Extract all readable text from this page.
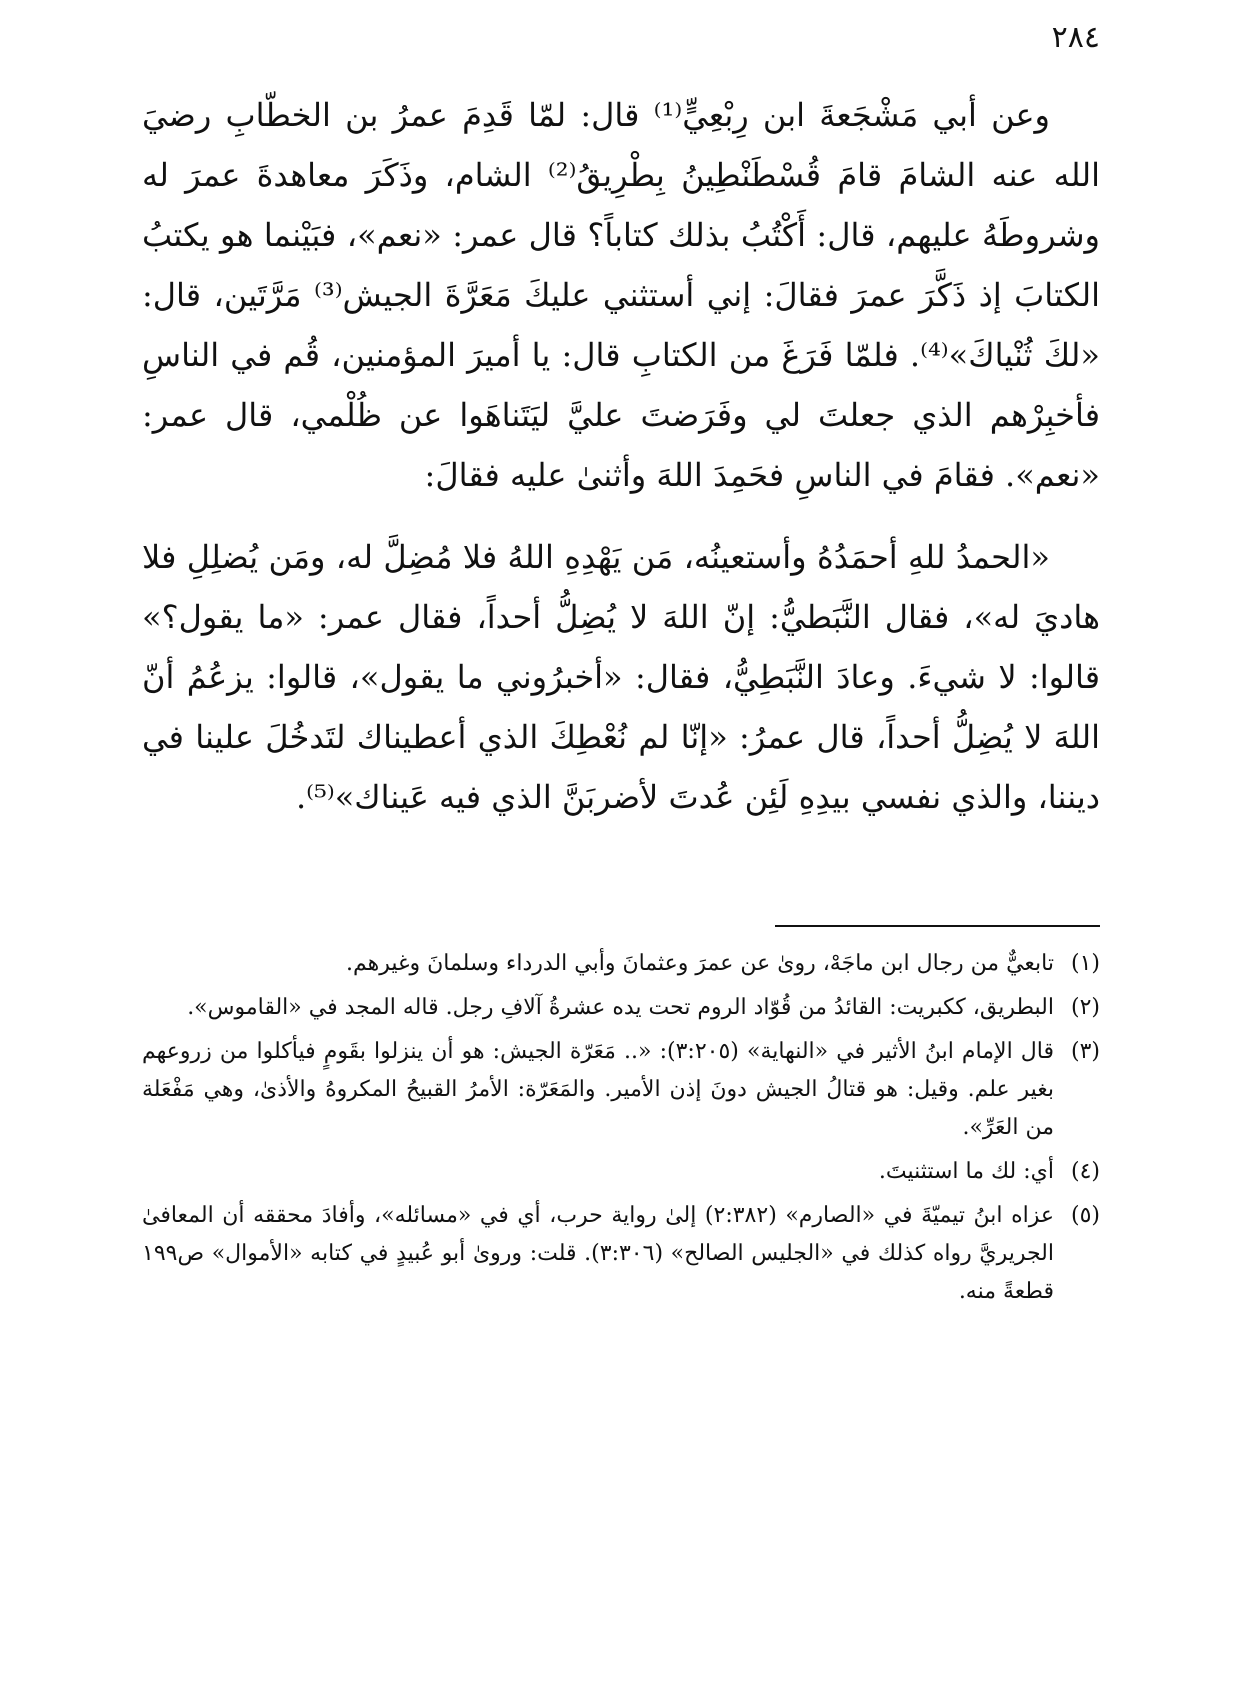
٢٨٤

وعن أبي مَشْجَعةَ ابن رِبْعِيٍّ⁽¹⁾ قال: لمّا قَدِمَ عمرُ بن الخطّابِ رضيَ الله عنه الشامَ قامَ قُسْطَنْطِينُ بِطْرِيقُ⁽²⁾ الشام، وذَكَرَ معاهدةَ عمرَ له وشروطَهُ عليهم، قال: أَكْتُبُ بذلك كتاباً؟ قال عمر: «نعم»، فبَيْنما هو يكتبُ الكتابَ إذ ذَكَّرَ عمرَ فقالَ: إني أستثني عليكَ مَعَرَّةَ الجيش⁽³⁾ مَرَّتَين، قال: «لكَ ثُنْياكَ»⁽⁴⁾. فلمّا فَرَغَ من الكتابِ قال: يا أميرَ المؤمنين، قُم في الناسِ فأخبِرْهم الذي جعلتَ لي وفَرَضتَ عليَّ ليَتَناهَوا عن ظُلْمي، قال عمر: «نعم». فقامَ في الناسِ فحَمِدَ اللهَ وأثنىٰ عليه فقالَ:

«الحمدُ للهِ أحمَدُهُ وأستعينُه، مَن يَهْدِهِ اللهُ فلا مُضِلَّ له، ومَن يُضلِلِ فلا هاديَ له»، فقال النَّبَطيُّ: إنّ اللهَ لا يُضِلُّ أحداً، فقال عمر: «ما يقول؟» قالوا: لا شيءَ. وعادَ النَّبَطِيُّ، فقال: «أخبرُوني ما يقول»، قالوا: يزعُمُ أنّ اللهَ لا يُضِلُّ أحداً، قال عمرُ: «إنّا لم نُعْطِكَ الذي أعطيناك لتَدخُلَ علينا في ديننا، والذي نفسي بيدِهِ لَئِن عُدتَ لأضربَنَّ الذي فيه عَيناك»⁽⁵⁾.

(١)
تابعيٌّ من رجال ابن ماجَهْ، روىٰ عن عمرَ وعثمانَ وأبي الدرداء وسلمانَ وغيرهم.
(٢)
البطريق، ككبريت: القائدُ من قُوّاد الروم تحت يده عشرةُ آلافِ رجل. قاله المجد في «القاموس».
(٣)
قال الإمام ابنُ الأثير في «النهاية» (٣:٢٠٥): «.. مَعَرّة الجيش: هو أن ينزلوا بقَومٍ فيأكلوا من زروعهم بغير علم. وقيل: هو قتالُ الجيش دونَ إذن الأمير. والمَعَرّة: الأمرُ القبيحُ المكروهُ والأذىٰ، وهي مَفْعَلة من العَرِّ».
(٤)
أي: لك ما استثنيتَ.
(٥)
عزاه ابنُ تيميّةَ في «الصارم» (٢:٣٨٢) إلىٰ رواية حرب، أي في «مسائله»، وأفادَ محققه أن المعافىٰ الجريريَّ رواه كذلك في «الجليس الصالح» (٣:٣٠٦). قلت: وروىٰ أبو عُبيدٍ في كتابه «الأموال» ص١٩٩ قطعةً منه.
